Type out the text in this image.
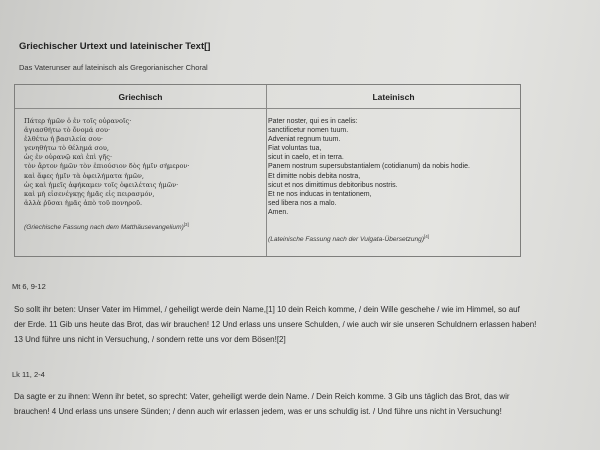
Griechischer Urtext und lateinischer Text[]
Das Vaterunser auf lateinisch als Gregorianischer Choral
Griechisch	Lateinisch
Πάτερ ἡμῶν ὁ ἐν τοῖς οὐρανοῖς·
ἁγιασθήτω τὸ ὄνομά σου·
ἐλθέτω ἡ βασιλεία σου·
γενηθήτω τὸ θέλημά σου,
ὡς ἐν οὐρανῷ καὶ ἐπὶ γῆς·
τὸν ἄρτον ἡμῶν τὸν ἐπιούσιον δὸς ἡμῖν σήμερον·
καὶ ἄφες ἡμῖν τὰ ὀφειλήματα ἡμῶν,
ὡς καὶ ἡμεῖς ἀφήκαμεν τοῖς ὀφειλέταις ἡμῶν·
καὶ μὴ εἰσενέγκῃς ἡμᾶς εἰς πειρασμόν,
ἀλλὰ ῥῦσαι ἡμᾶς ἀπὸ τοῦ πονηροῦ.
(Griechische Fassung nach dem Matthäusevangelium)[3]
Pater noster, qui es in caelis:
sanctificetur nomen tuum.
Adveniat regnum tuum.
Fiat voluntas tua,
sicut in caelo, et in terra.
Panem nostrum supersubstantialem (cotidianum) da nobis hodie.
Et dimitte nobis debita nostra,
sicut et nos dimittimus debitoribus nostris.
Et ne nos inducas in tentationem,
sed libera nos a malo.
Amen.
(Lateinische Fassung nach der Vulgata-Übersetzung)[4]
Mt 6, 9-12
So sollt ihr beten: Unser Vater im Himmel, / geheiligt werde dein Name,[1] 10 dein Reich komme, / dein Wille geschehe / wie im Himmel, so auf
der Erde. 11 Gib uns heute das Brot, das wir brauchen! 12 Und erlass uns unsere Schulden, / wie auch wir sie unseren Schuldnern erlassen haben!
13 Und führe uns nicht in Versuchung, / sondern rette uns vor dem Bösen![2]
Lk 11, 2-4
Da sagte er zu ihnen: Wenn ihr betet, so sprecht: Vater, geheiligt werde dein Name. / Dein Reich komme. 3 Gib uns täglich das Brot, das wir
brauchen! 4 Und erlass uns unsere Sünden; / denn auch wir erlassen jedem, was er uns schuldig ist. / Und führe uns nicht in Versuchung!
